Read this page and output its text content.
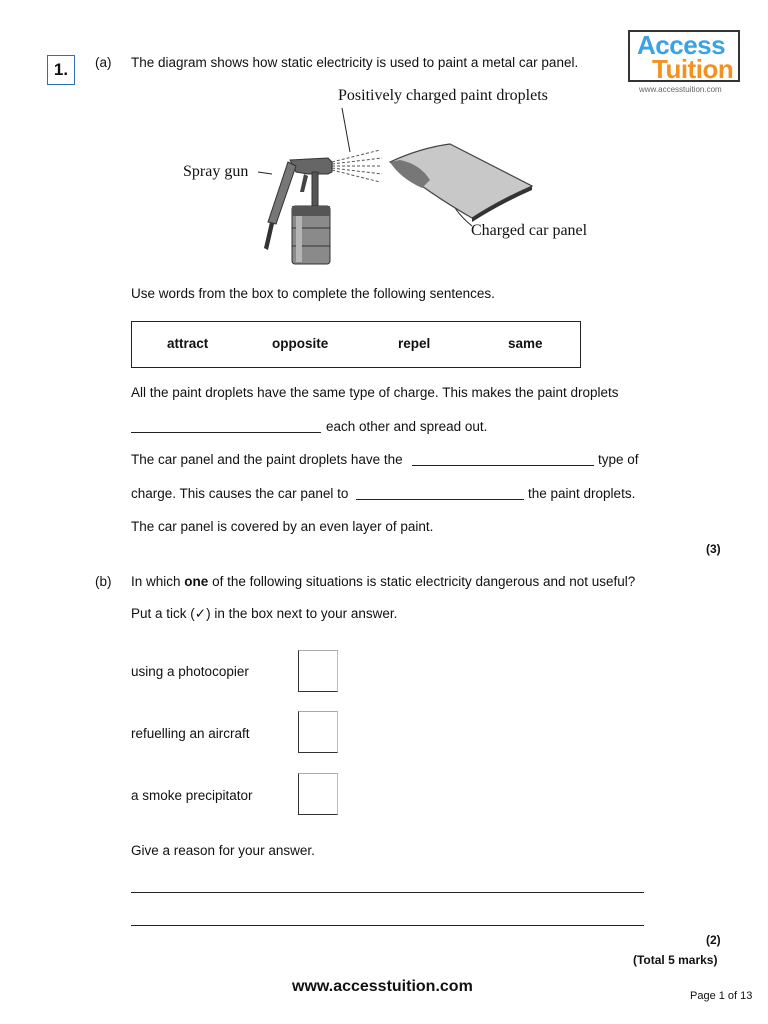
1.	(a) The diagram shows how static electricity is used to paint a metal car panel.
Access
Tuition
www.accesstuition.com
Positively charged paint droplets
Spray gun
Charged car panel
Use words from the box to complete the following sentences.
attract	opposite	repel	same
All the paint droplets have the same type of charge. This makes the paint droplets
each other and spread out.
The car panel and the paint droplets have the	type of
charge. This causes the car panel to	the paint droplets.
The car panel is covered by an even layer of paint.
(3)
(b) In which one of the following situations is static electricity dangerous and not useful?
Put a tick (✓) in the box next to your answer.
using a photocopier
refuelling an aircraft
a smoke precipitator
Give a reason for your answer.
(2)
(Total 5 marks)
www.accesstuition.com
Page 1 of 13
